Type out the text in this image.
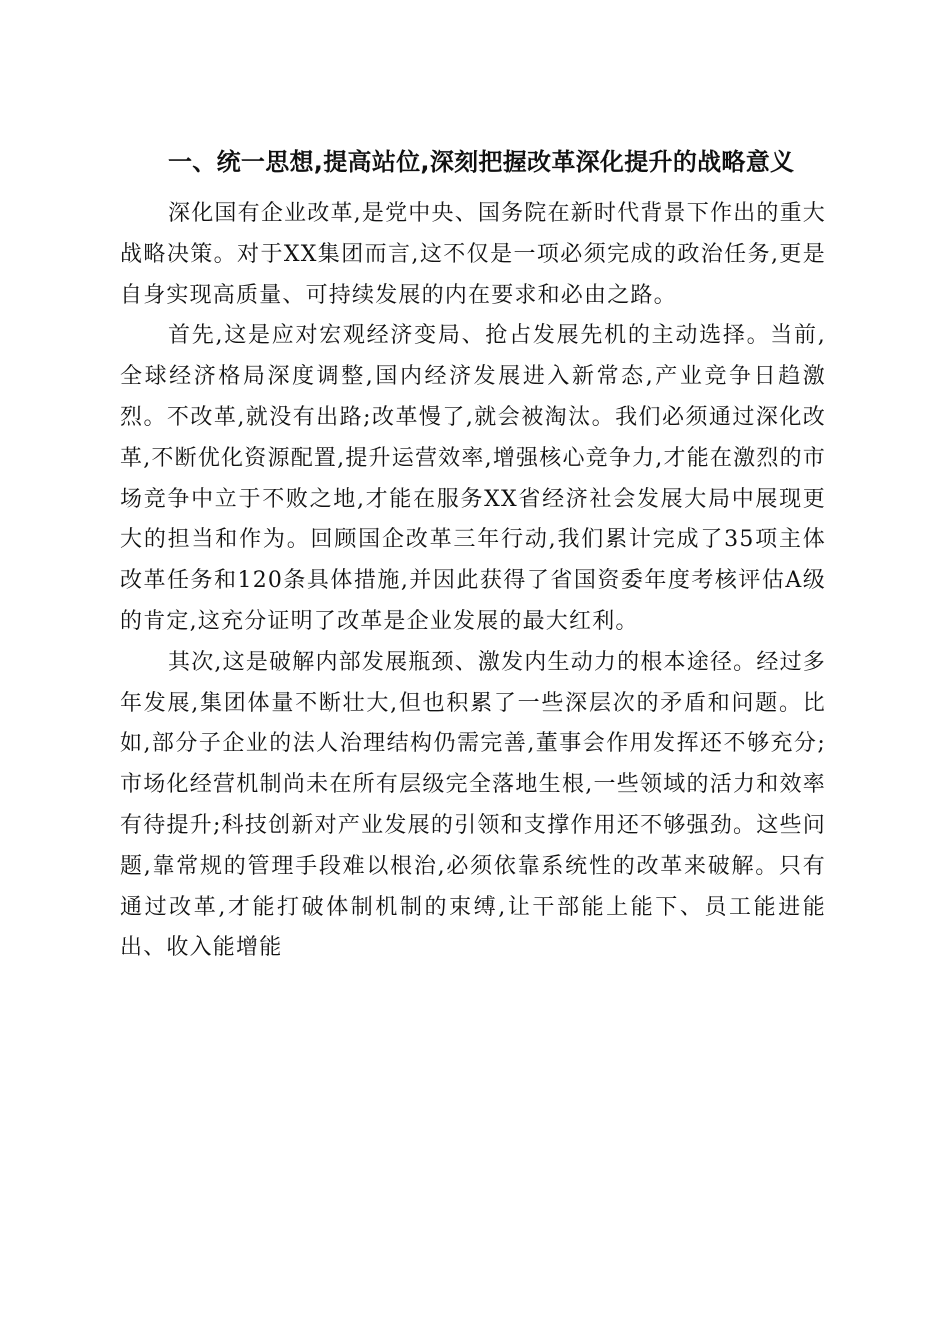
一、统一思想,提高站位,深刻把握改革深化提升的战略意义

深化国有企业改革,是党中央、国务院在新时代背景下作出的重大战略决策。对于XX集团而言,这不仅是一项必须完成的政治任务,更是自身实现高质量、可持续发展的内在要求和必由之路。

首先,这是应对宏观经济变局、抢占发展先机的主动选择。当前,全球经济格局深度调整,国内经济发展进入新常态,产业竞争日趋激烈。不改革,就没有出路;改革慢了,就会被淘汰。我们必须通过深化改革,不断优化资源配置,提升运营效率,增强核心竞争力,才能在激烈的市场竞争中立于不败之地,才能在服务XX省经济社会发展大局中展现更大的担当和作为。回顾国企改革三年行动,我们累计完成了35项主体改革任务和120条具体措施,并因此获得了省国资委年度考核评估A级的肯定,这充分证明了改革是企业发展的最大红利。

其次,这是破解内部发展瓶颈、激发内生动力的根本途径。经过多年发展,集团体量不断壮大,但也积累了一些深层次的矛盾和问题。比如,部分子企业的法人治理结构仍需完善,董事会作用发挥还不够充分;市场化经营机制尚未在所有层级完全落地生根,一些领域的活力和效率有待提升;科技创新对产业发展的引领和支撑作用还不够强劲。这些问题,靠常规的管理手段难以根治,必须依靠系统性的改革来破解。只有通过改革,才能打破体制机制的束缚,让干部能上能下、员工能进能出、收入能增能
